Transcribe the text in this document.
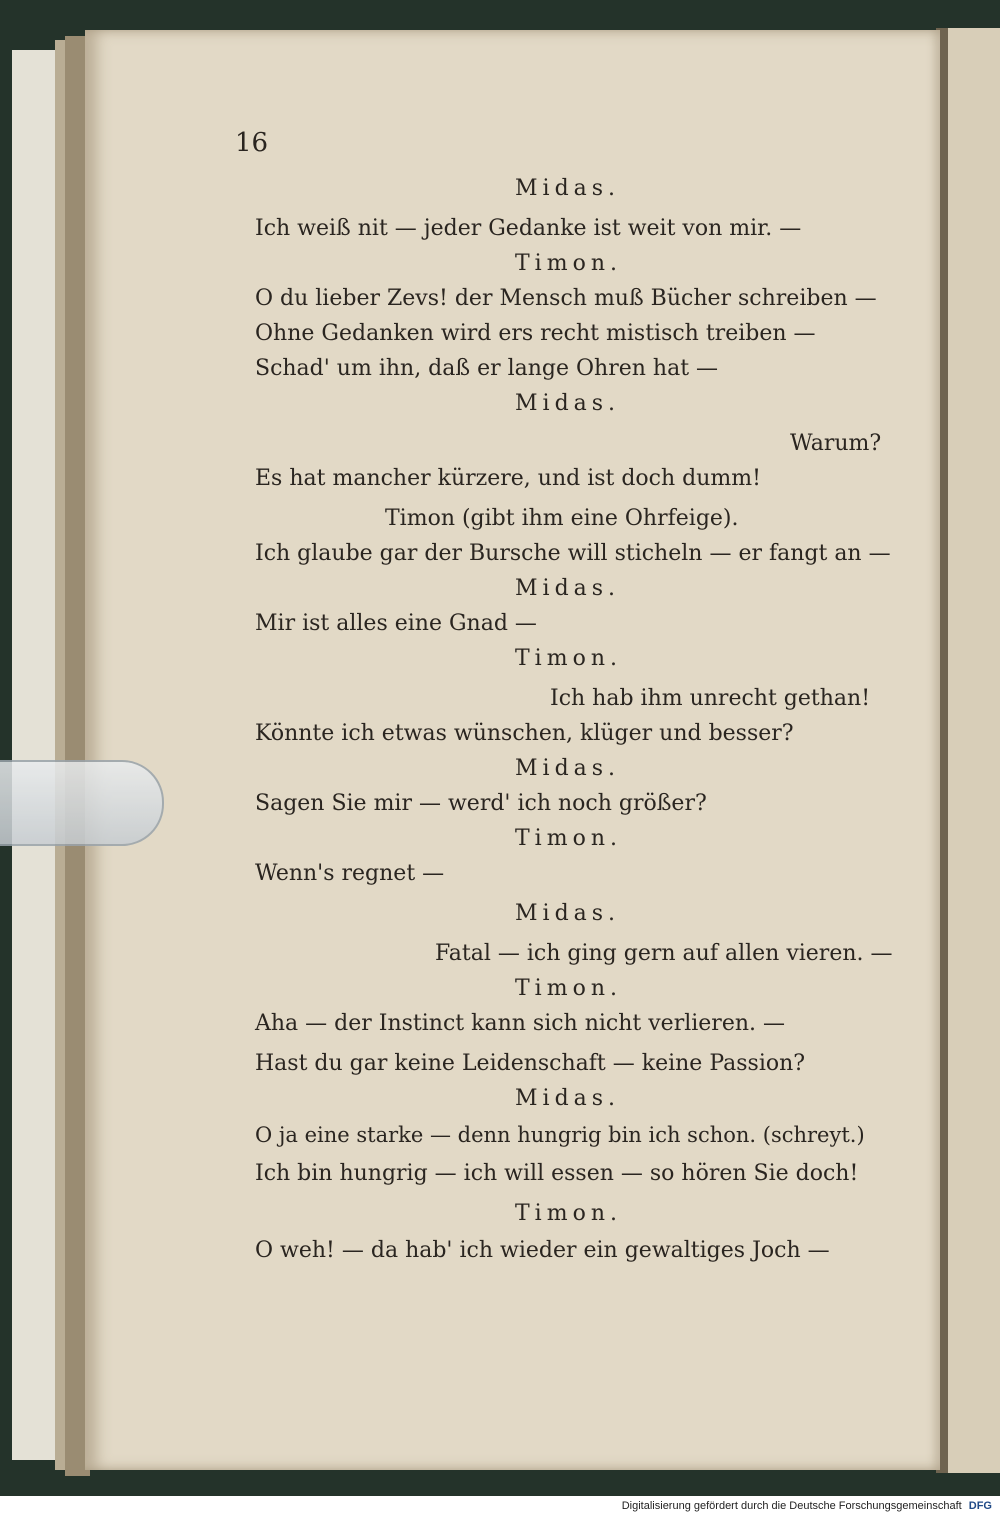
16
Midas.
Ich weiß nit — jeder Gedanke ist weit von mir. —
Timon.
O du lieber Zevs! der Mensch muß Bücher schreiben —
Ohne Gedanken wird ers recht mistisch treiben —
Schad' um ihn, daß er lange Ohren hat —
Midas.
Warum?
Es hat mancher kürzere, und ist doch dumm!
Timon (gibt ihm eine Ohrfeige).
Ich glaube gar der Bursche will sticheln — er fangt an —
Midas.
Mir ist alles eine Gnad —
Timon.
Ich hab ihm unrecht gethan!
Könnte ich etwas wünschen, klüger und besser?
Midas.
Sagen Sie mir — werd' ich noch größer?
Timon.
Wenn's regnet —
Midas.
Fatal — ich ging gern auf allen vieren. —
Timon.
Aha — der Instinct kann sich nicht verlieren. —
Hast du gar keine Leidenschaft — keine Passion?
Midas.
O ja eine starke — denn hungrig bin ich schon. (schreyt.)
Ich bin hungrig — ich will essen — so hören Sie doch!
Timon.
O weh! — da hab' ich wieder ein gewaltiges Joch —
Digitalisierung gefördert durch die Deutsche Forschungsgemeinschaft DFG
